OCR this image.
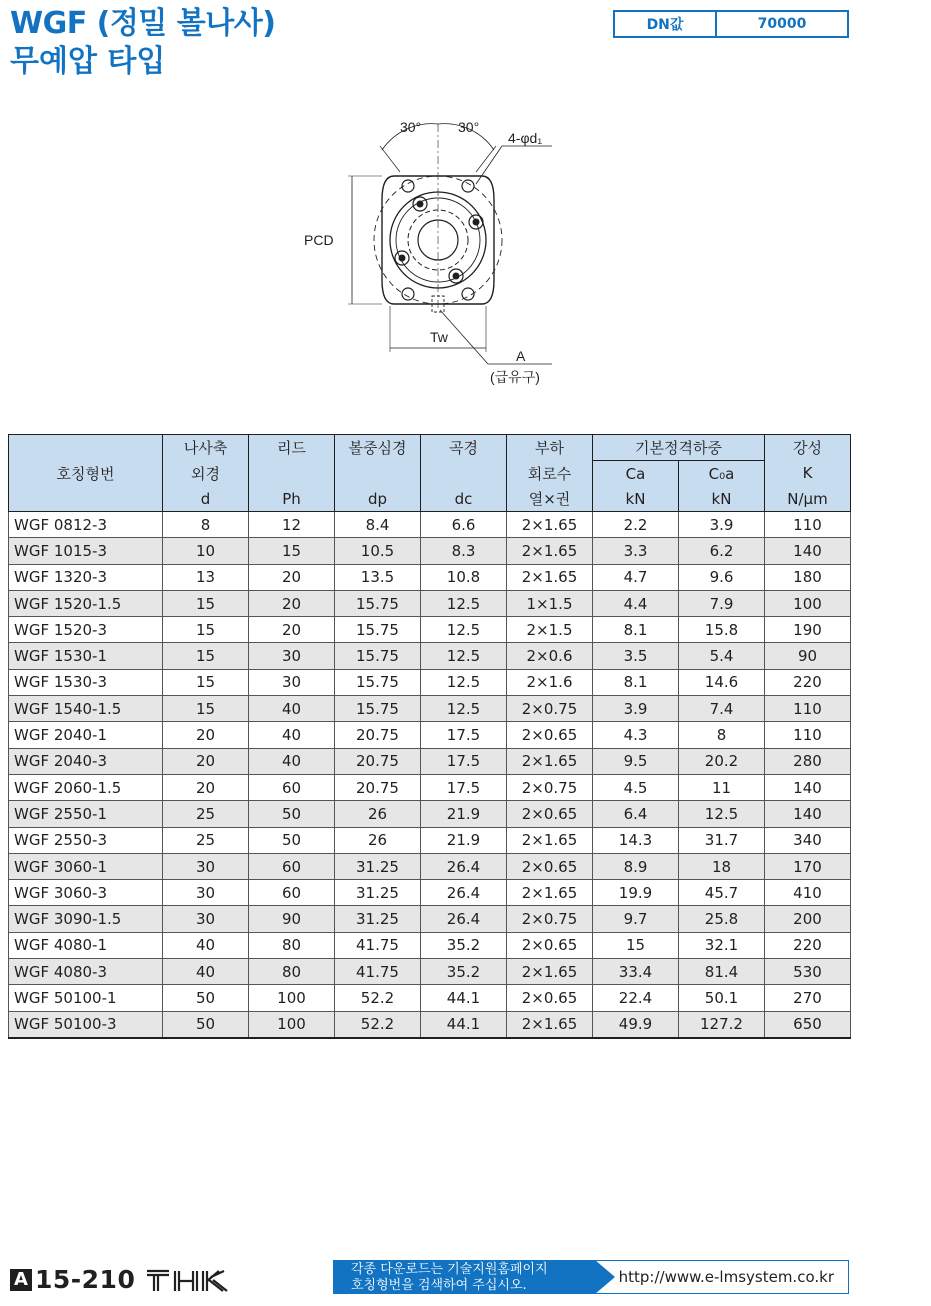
WGF (정밀 볼나사)
무예압 타입
DN값	70000
30°	30°
4-φd₁
PCD
Tw
A
(급유구)
호칭형번	나사축	리드	볼중심경	곡경	부하	기본정격하중		강성
	외경				회로수	Ca	C₀a	K
	d	Ph	dp	dc	열×권	kN	kN	N/μm
WGF 0812-3	8	12	8.4	6.6	2×1.65	2.2	3.9	110
WGF 1015-3	10	15	10.5	8.3	2×1.65	3.3	6.2	140
WGF 1320-3	13	20	13.5	10.8	2×1.65	4.7	9.6	180
WGF 1520-1.5	15	20	15.75	12.5	1×1.5	4.4	7.9	100
WGF 1520-3	15	20	15.75	12.5	2×1.5	8.1	15.8	190
WGF 1530-1	15	30	15.75	12.5	2×0.6	3.5	5.4	90
WGF 1530-3	15	30	15.75	12.5	2×1.6	8.1	14.6	220
WGF 1540-1.5	15	40	15.75	12.5	2×0.75	3.9	7.4	110
WGF 2040-1	20	40	20.75	17.5	2×0.65	4.3	8	110
WGF 2040-3	20	40	20.75	17.5	2×1.65	9.5	20.2	280
WGF 2060-1.5	20	60	20.75	17.5	2×0.75	4.5	11	140
WGF 2550-1	25	50	26	21.9	2×0.65	6.4	12.5	140
WGF 2550-3	25	50	26	21.9	2×1.65	14.3	31.7	340
WGF 3060-1	30	60	31.25	26.4	2×0.65	8.9	18	170
WGF 3060-3	30	60	31.25	26.4	2×1.65	19.9	45.7	410
WGF 3090-1.5	30	90	31.25	26.4	2×0.75	9.7	25.8	200
WGF 4080-1	40	80	41.75	35.2	2×0.65	15	32.1	220
WGF 4080-3	40	80	41.75	35.2	2×1.65	33.4	81.4	530
WGF 50100-1	50	100	52.2	44.1	2×0.65	22.4	50.1	270
WGF 50100-3	50	100	52.2	44.1	2×1.65	49.9	127.2	650
A 15-210	각종 다운로드는 기술지원홈페이지
호칭형번을 검색하여 주십시오.	http://www.e-lmsystem.co.kr
